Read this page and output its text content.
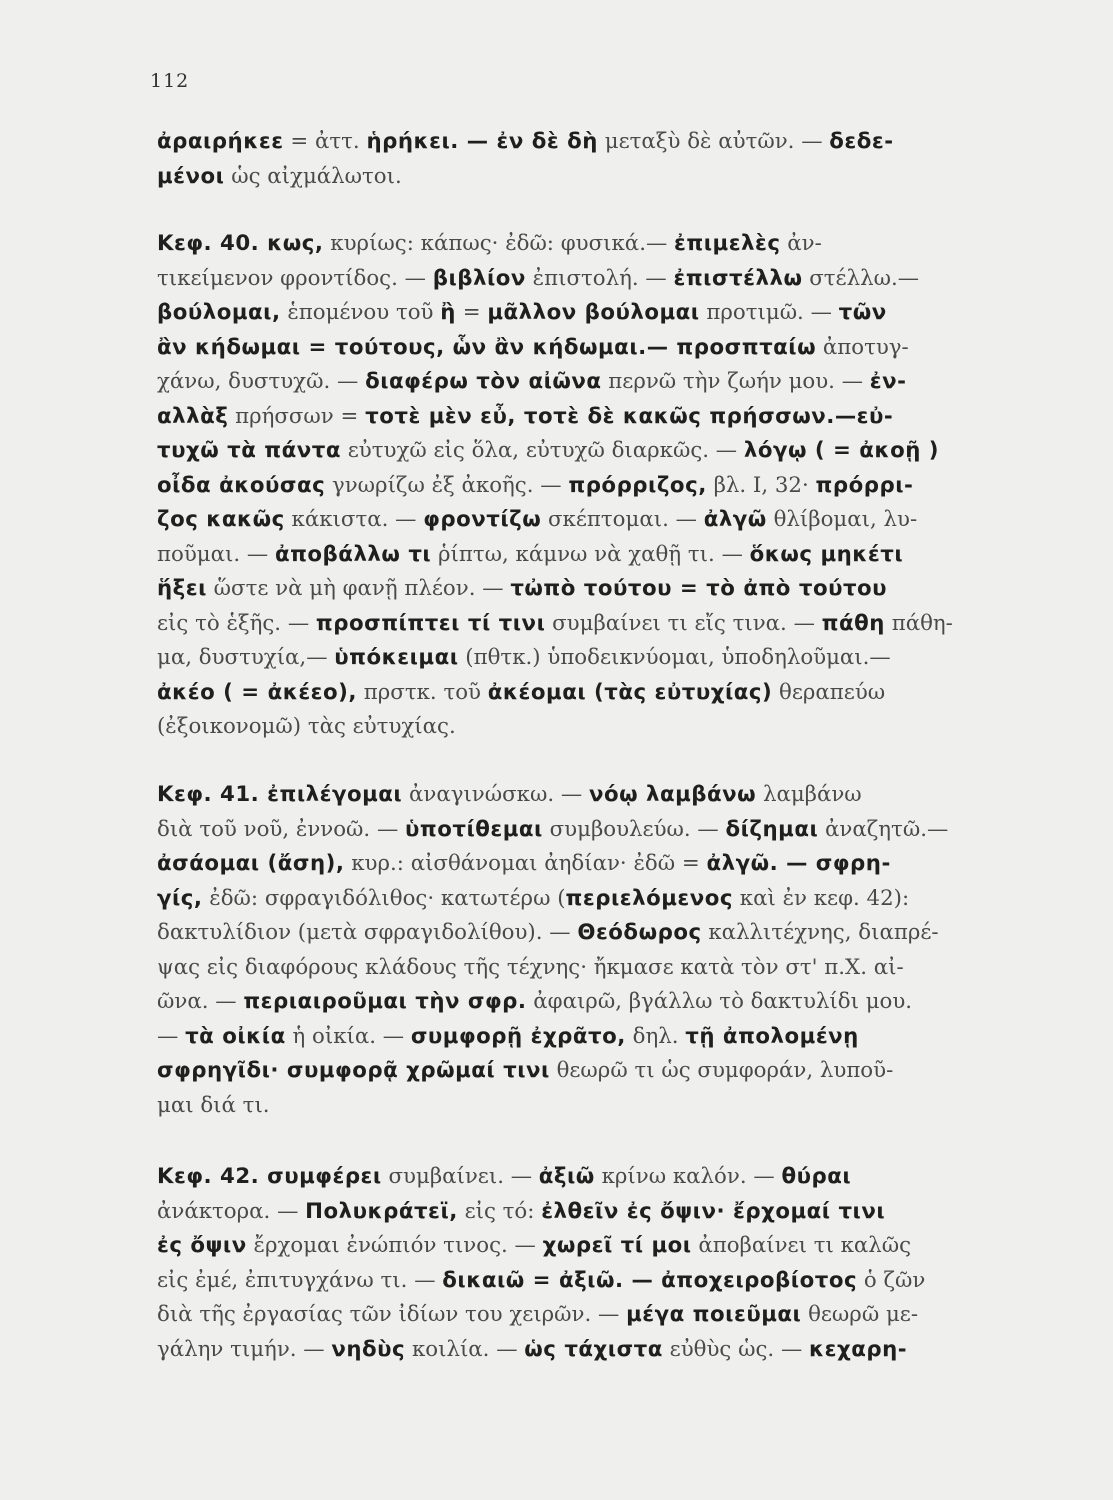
112
ἀραιρήκεε = ἀττ. ἡρήκει. — ἐν δὲ δὴ μεταξὺ δὲ αὐτῶν. — δεδε-
μένοι ὡς αἰχμάλωτοι.
Κεφ. 40. κως, κυρίως: κάπως· ἐδῶ: φυσικά.— ἐπιμελὲς ἀν-
τικείμενον φροντίδος. — βιβλίον ἐπιστολή. — ἐπιστέλλω στέλλω.—
βούλομαι, ἑπομένου τοῦ ἢ = μᾶλλον βούλομαι προτιμῶ. — τῶν
ἂν κήδωμαι = τούτους, ὧν ἂν κήδωμαι.— προσπταίω ἀποτυγ-
χάνω, δυστυχῶ. — διαφέρω τὸν αἰῶνα περνῶ τὴν ζωήν μου. — ἐν-
αλλὰξ πρήσσων = τοτὲ μὲν εὖ, τοτὲ δὲ κακῶς πρήσσων.—εὐ-
τυχῶ τὰ πάντα εὐτυχῶ εἰς ὅλα, εὐτυχῶ διαρκῶς. — λόγῳ ( = ἀκοῇ )
οἶδα ἀκούσας γνωρίζω ἐξ ἀκοῆς. — πρόρριζος, βλ. Ι, 32· πρόρρι-
ζος κακῶς κάκιστα. — φροντίζω σκέπτομαι. — ἀλγῶ θλίβομαι, λυ-
ποῦμαι. — ἀποβάλλω τι ῥίπτω, κάμνω νὰ χαθῇ τι. — ὅκως μηκέτι
ἥξει ὥστε νὰ μὴ φανῇ πλέον. — τὠπὸ τούτου = τὸ ἀπὸ τούτου
εἰς τὸ ἑξῆς. — προσπίπτει τί τινι συμβαίνει τι εἴς τινα. — πάθη πάθη-
μα, δυστυχία,— ὑπόκειμαι (πθτκ.) ὑποδεικνύομαι, ὑποδηλοῦμαι.—
ἀκέο ( = ἀκέεο), πρστκ. τοῦ ἀκέομαι (τὰς εὐτυχίας) θεραπεύω
(ἐξοικονομῶ) τὰς εὐτυχίας.
Κεφ. 41. ἐπιλέγομαι ἀναγινώσκω. — νόῳ λαμβάνω λαμβάνω
διὰ τοῦ νοῦ, ἐννοῶ. — ὑποτίθεμαι συμβουλεύω. — δίζημαι ἀναζητῶ.—
ἀσάομαι (ἄση), κυρ.: αἰσθάνομαι ἀηδίαν· ἐδῶ = ἀλγῶ. — σφρη-
γίς, ἐδῶ: σφραγιδόλιθος· κατωτέρω (περιελόμενος καὶ ἐν κεφ. 42):
δακτυλίδιον (μετὰ σφραγιδολίθου). — Θεόδωρος καλλιτέχνης, διαπρέ-
ψας εἰς διαφόρους κλάδους τῆς τέχνης· ἤκμασε κατὰ τὸν στ' π.Χ. αἰ-
ῶνα. — περιαιροῦμαι τὴν σφρ. ἀφαιρῶ, βγάλλω τὸ δακτυλίδι μου.
— τὰ οἰκία ἡ οἰκία. — συμφορῇ ἐχρᾶτο, δηλ. τῇ ἀπολομένῃ
σφρηγῖδι· συμφορᾷ χρῶμαί τινι θεωρῶ τι ὡς συμφοράν, λυποῦ-
μαι διά τι.
Κεφ. 42. συμφέρει συμβαίνει. — ἀξιῶ κρίνω καλόν. — θύραι
ἀνάκτορα. — Πολυκράτεϊ, εἰς τό: ἐλθεῖν ἐς ὄψιν· ἔρχομαί τινι
ἐς ὄψιν ἔρχομαι ἐνώπιόν τινος. — χωρεῖ τί μοι ἀποβαίνει τι καλῶς
εἰς ἐμέ, ἐπιτυγχάνω τι. — δικαιῶ = ἀξιῶ. — ἀποχειροβίοτος ὁ ζῶν
διὰ τῆς ἐργασίας τῶν ἰδίων του χειρῶν. — μέγα ποιεῦμαι θεωρῶ με-
γάλην τιμήν. — νηδὺς κοιλία. — ὡς τάχιστα εὐθὺς ὡς. — κεχαρη-
